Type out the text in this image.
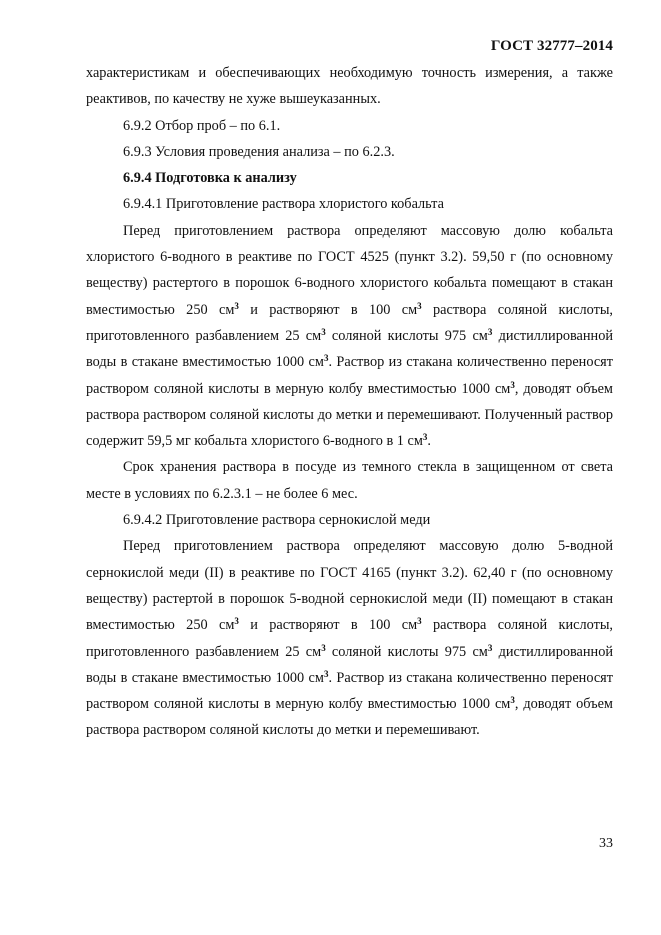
ГОСТ 32777–2014

характеристикам и обеспечивающих необходимую точность измерения, а также реактивов, по качеству не хуже вышеуказанных.

6.9.2 Отбор проб – по 6.1.

6.9.3 Условия проведения анализа – по 6.2.3.

6.9.4 Подготовка к анализу

6.9.4.1 Приготовление раствора хлористого кобальта

Перед приготовлением раствора определяют массовую долю кобальта хлористого 6-водного в реактиве по ГОСТ 4525 (пункт 3.2). 59,50 г (по основному веществу) растертого в порошок 6-водного хлористого кобальта помещают в стакан вместимостью 250 $см^3$ и растворяют в 100 $см^3$ раствора соляной кислоты, приготовленного разбавлением 25 $см^3$ соляной кислоты 975 $см^3$ дистиллированной воды в стакане вместимостью 1000 $см^3$. Раствор из стакана количественно переносят раствором соляной кислоты в мерную колбу вместимостью 1000 $см^3$, доводят объем раствора раствором соляной кислоты до метки и перемешивают. Полученный раствор содержит 59,5 мг кобальта хлористого 6-водного в 1 $см^3$.

Срок хранения раствора в посуде из темного стекла в защищенном от света месте в условиях по 6.2.3.1 – не более 6 мес.

6.9.4.2 Приготовление раствора сернокислой меди

Перед приготовлением раствора определяют массовую долю 5-водной сернокислой меди (II) в реактиве по ГОСТ 4165 (пункт 3.2). 62,40 г (по основному веществу) растертой в порошок 5-водной сернокислой меди (II) помещают в стакан вместимостью 250 $см^3$ и растворяют в 100 $см^3$ раствора соляной кислоты, приготовленного разбавлением 25 $см^3$ соляной кислоты 975 $см^3$ дистиллированной воды в стакане вместимостью 1000 $см^3$. Раствор из стакана количественно переносят раствором соляной кислоты в мерную колбу вместимостью 1000 $см^3$, доводят объем раствора раствором соляной кислоты до метки и перемешивают.

33
